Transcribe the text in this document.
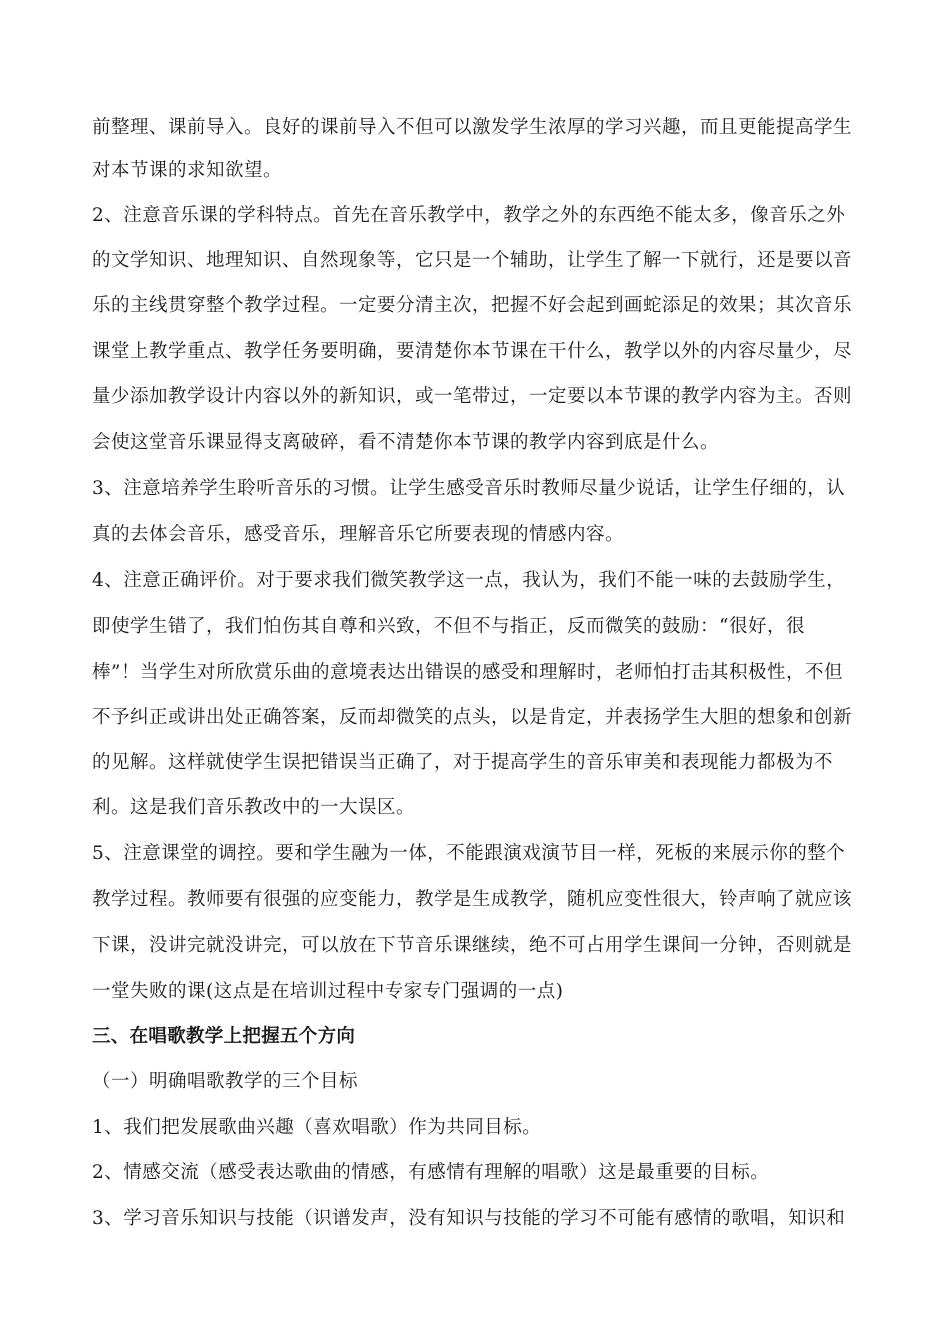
前整理、课前导入。良好的课前导入不但可以激发学生浓厚的学习兴趣，而且更能提高学生
对本节课的求知欲望。
2、注意音乐课的学科特点。首先在音乐教学中，教学之外的东西绝不能太多，像音乐之外
的文学知识、地理知识、自然现象等，它只是一个辅助，让学生了解一下就行，还是要以音
乐的主线贯穿整个教学过程。一定要分清主次，把握不好会起到画蛇添足的效果；其次音乐
课堂上教学重点、教学任务要明确，要清楚你本节课在干什么，教学以外的内容尽量少，尽
量少添加教学设计内容以外的新知识，或一笔带过，一定要以本节课的教学内容为主。否则
会使这堂音乐课显得支离破碎，看不清楚你本节课的教学内容到底是什么。
3、注意培养学生聆听音乐的习惯。让学生感受音乐时教师尽量少说话，让学生仔细的，认
真的去体会音乐，感受音乐，理解音乐它所要表现的情感内容。
4、注意正确评价。对于要求我们微笑教学这一点，我认为，我们不能一味的去鼓励学生，
即使学生错了，我们怕伤其自尊和兴致，不但不与指正，反而微笑的鼓励：“很好，很
棒”！当学生对所欣赏乐曲的意境表达出错误的感受和理解时，老师怕打击其积极性，不但
不予纠正或讲出处正确答案，反而却微笑的点头，以是肯定，并表扬学生大胆的想象和创新
的见解。这样就使学生误把错误当正确了，对于提高学生的音乐审美和表现能力都极为不
利。这是我们音乐教改中的一大误区。
5、注意课堂的调控。要和学生融为一体，不能跟演戏演节目一样，死板的来展示你的整个
教学过程。教师要有很强的应变能力，教学是生成教学，随机应变性很大，铃声响了就应该
下课，没讲完就没讲完，可以放在下节音乐课继续，绝不可占用学生课间一分钟，否则就是
一堂失败的课(这点是在培训过程中专家专门强调的一点)
三、在唱歌教学上把握五个方向
（一）明确唱歌教学的三个目标
1、我们把发展歌曲兴趣（喜欢唱歌）作为共同目标。
2、情感交流（感受表达歌曲的情感，有感情有理解的唱歌）这是最重要的目标。
3、学习音乐知识与技能（识谱发声，没有知识与技能的学习不可能有感情的歌唱，知识和
